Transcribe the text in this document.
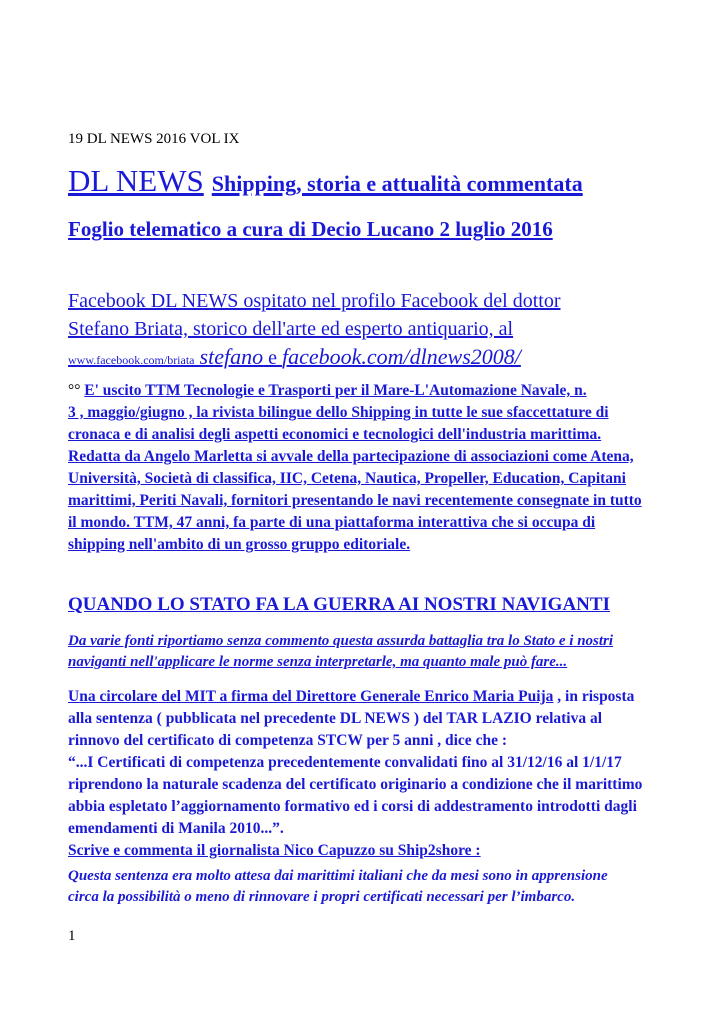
19 DL NEWS 2016 VOL IX

DL NEWS Shipping, storia e attualità commentata

Foglio telematico a cura di Decio Lucano 2 luglio 2016

Facebook DL NEWS ospitato nel profilo Facebook del dottor
Stefano Briata, storico dell'arte ed esperto antiquario, al
www.facebook.com/briata stefano e facebook.com/dlnews2008/
°° E' uscito TTM Tecnologie e Trasporti per il Mare-L'Automazione Navale, n.
3 , maggio/giugno , la rivista bilingue dello Shipping in tutte le sue sfaccettature di
cronaca e di analisi degli aspetti economici e tecnologici dell'industria marittima.
Redatta da Angelo Marletta si avvale della partecipazione di associazioni come Atena,
Università, Società di classifica, IIC, Cetena, Nautica, Propeller, Education, Capitani
marittimi, Periti Navali, fornitori presentando le navi recentemente consegnate in tutto
il mondo. TTM, 47 anni, fa parte di una piattaforma interattiva che si occupa di
shipping nell'ambito di un grosso gruppo editoriale.

QUANDO LO STATO FA LA GUERRA AI NOSTRI NAVIGANTI

Da varie fonti riportiamo senza commento questa assurda battaglia tra lo Stato e i nostri
naviganti nell'applicare le norme senza interpretarle, ma quanto male può fare...
Una circolare del MIT a firma del Direttore Generale Enrico Maria Puija , in risposta
alla sentenza ( pubblicata nel precedente DL NEWS ) del TAR LAZIO relativa al
rinnovo del certificato di competenza STCW per 5 anni , dice che :
“...I Certificati di competenza precedentemente convalidati fino al 31/12/16 al 1/1/17
riprendono la naturale scadenza del certificato originario a condizione che il marittimo
abbia espletato l’aggiornamento formativo ed i corsi di addestramento introdotti dagli
emendamenti di Manila 2010...”.
Scrive e commenta il giornalista Nico Capuzzo su Ship2shore :
Questa sentenza era molto attesa dai marittimi italiani che da mesi sono in apprensione
circa la possibilità o meno di rinnovare i propri certificati necessari per l’imbarco.

1
